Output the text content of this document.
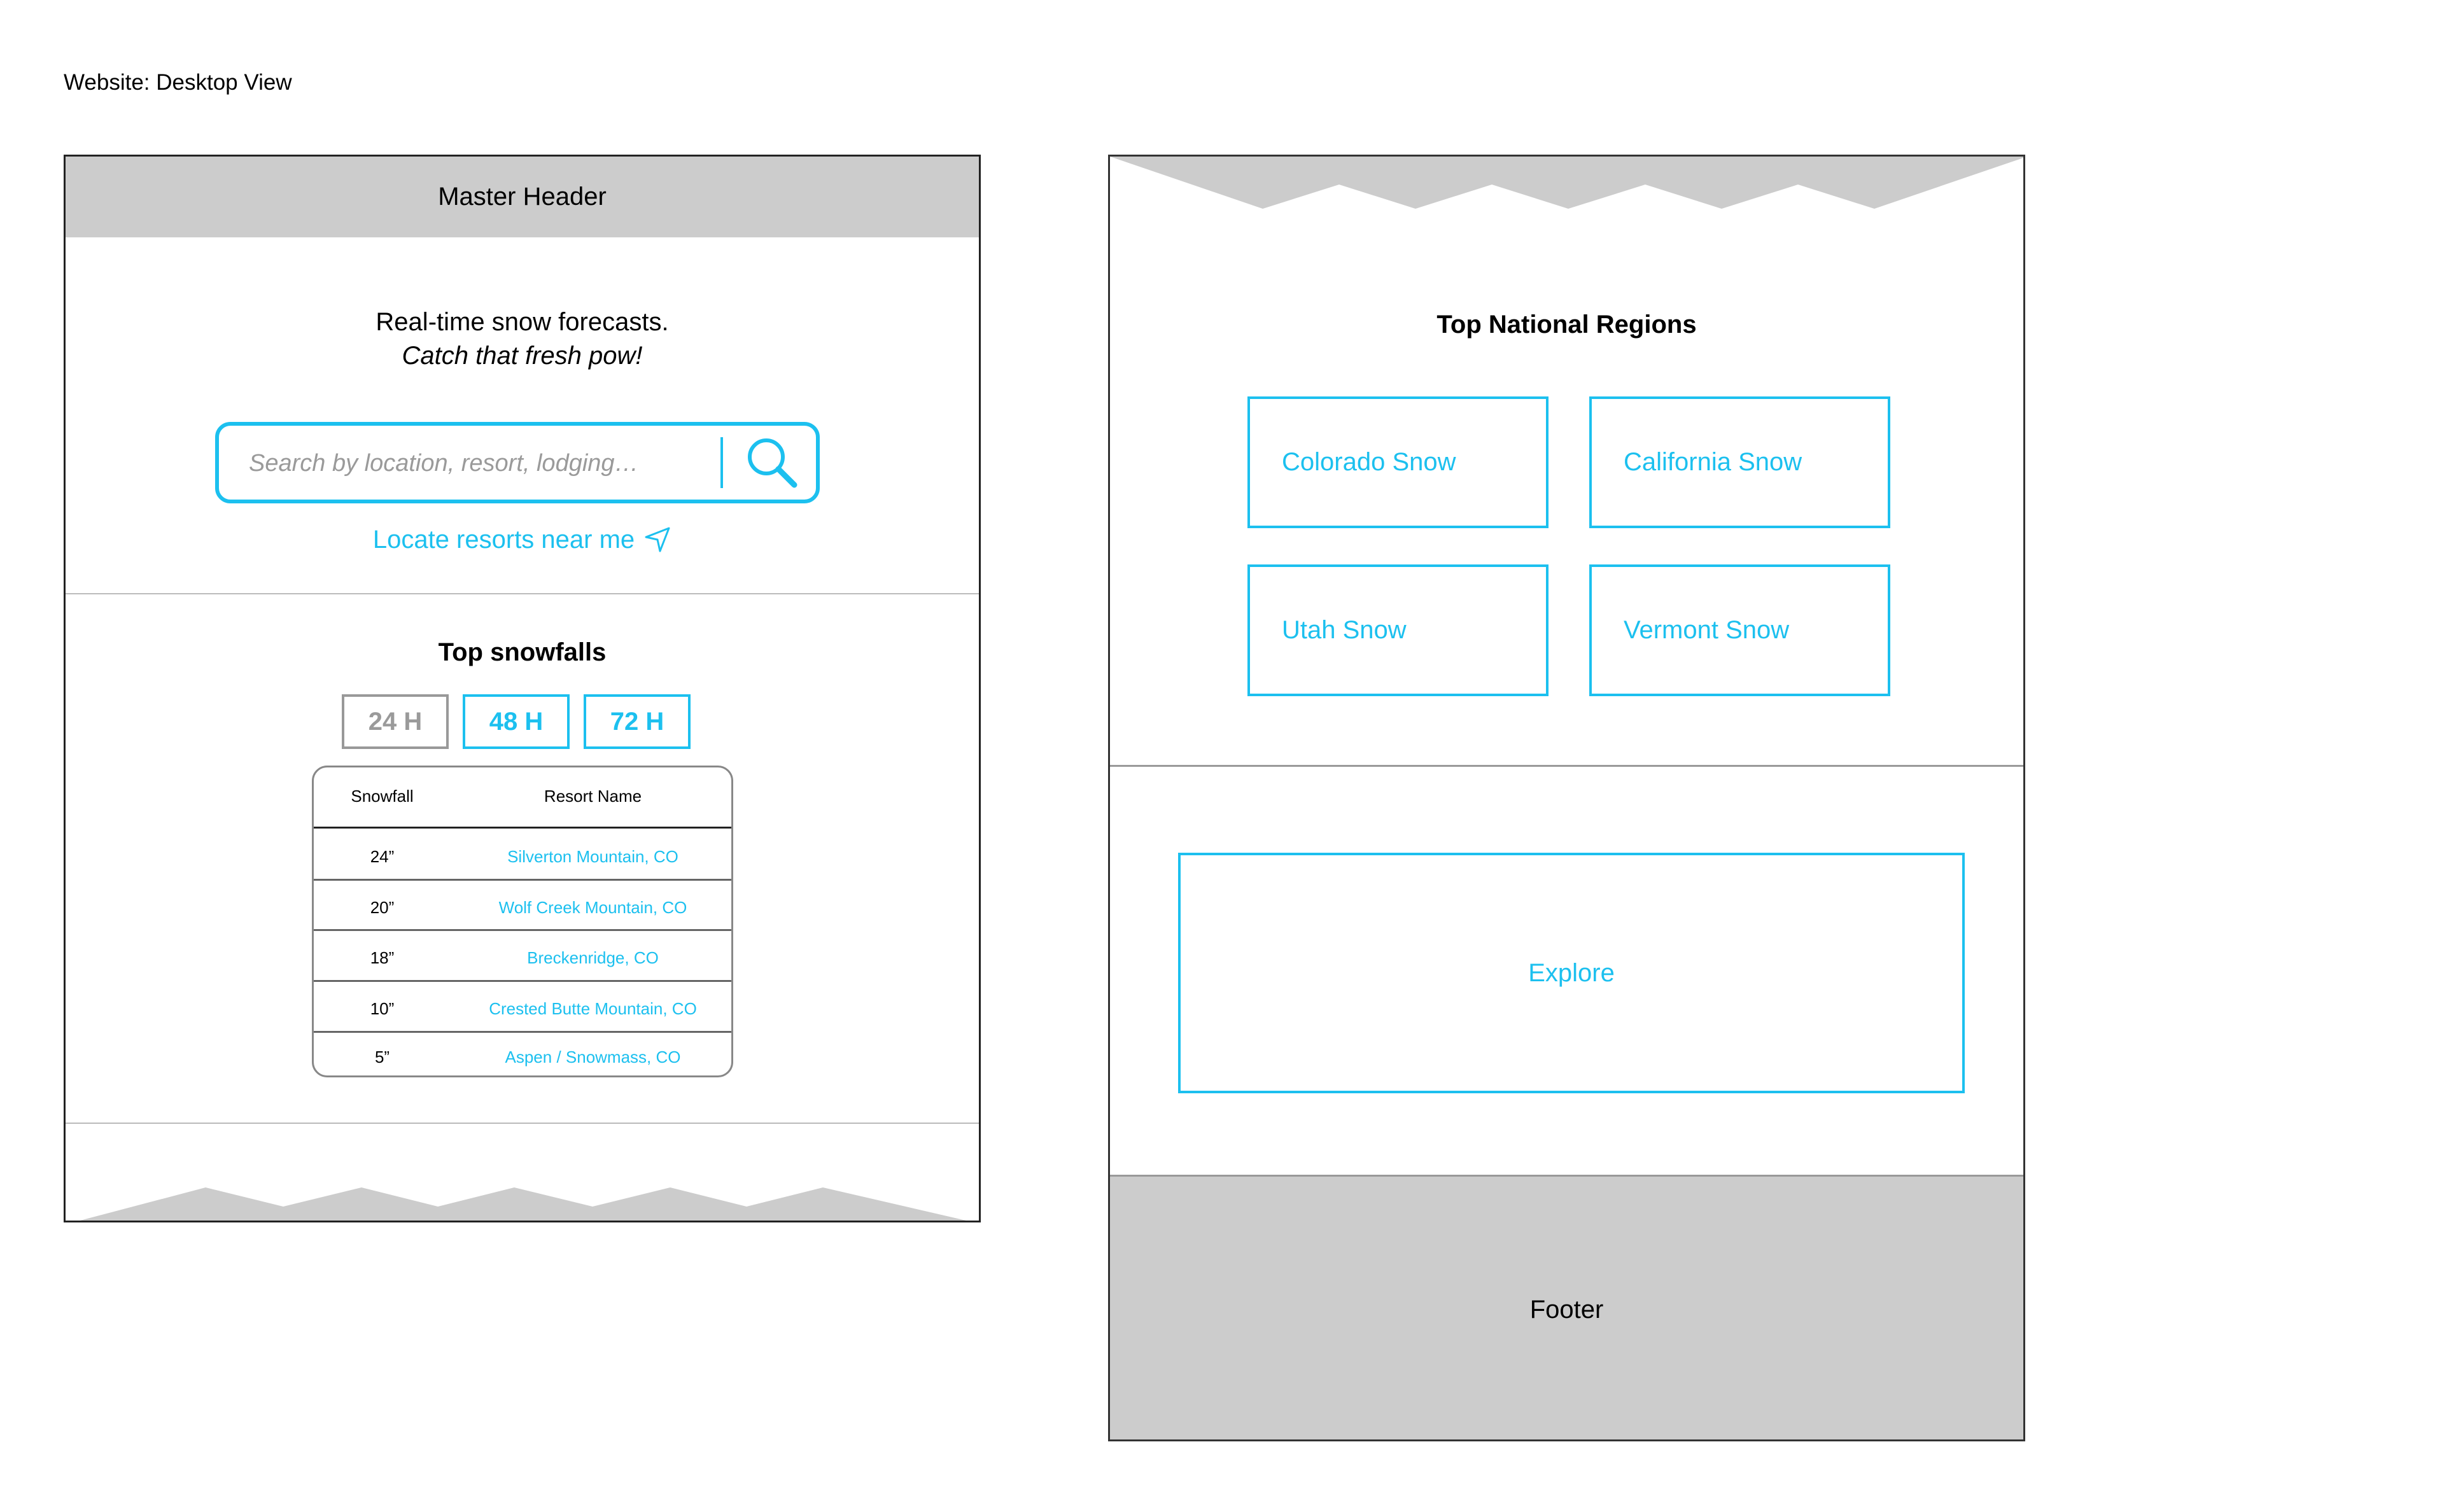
Website: Desktop View
Master Header
Real-time snow forecasts.
Catch that fresh pow!
Search by location, resort, lodging…
Locate resorts near me
Top snowfalls
24 H	48 H	72 H
Snowfall	Resort Name
24”	Silverton Mountain, CO
20”	Wolf Creek Mountain, CO
18”	Breckenridge, CO
10”	Crested Butte Mountain, CO
5”	Aspen / Snowmass, CO
Top National Regions
Colorado Snow	California Snow
Utah Snow	Vermont Snow
Explore
Footer
